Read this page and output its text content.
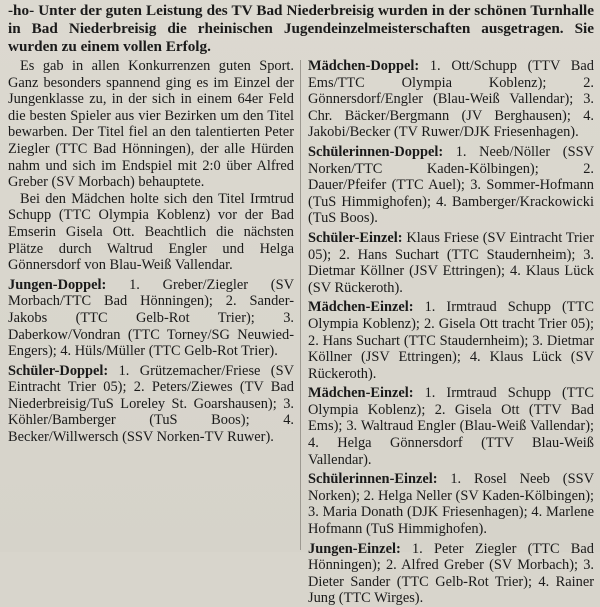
-ho- Unter der guten Leistung des TV Bad Niederbreisig wurden in der schönen Turnhalle in Bad Niederbreisig die rheinischen Jugendeinzelmeisterschaften ausgetragen. Sie wurden zu einem vollen Erfolg.

Es gab in allen Konkurrenzen guten Sport. Ganz besonders spannend ging es im Einzel der Jungenklasse zu, in der sich in einem 64er Feld die besten Spieler aus vier Bezirken um den Titel bewarben. Der Titel fiel an den talentierten Peter Ziegler (TTC Bad Hönningen), der alle Hürden nahm und sich im Endspiel mit 2:0 über Alfred Greber (SV Morbach) behauptete.

Bei den Mädchen holte sich den Titel Irmtrud Schupp (TTC Olympia Koblenz) vor der Bad Emserin Gisela Ott. Beachtlich die nächsten Plätze durch Waltrud Engler und Helga Gönnersdorf von Blau-Weiß Vallendar.

Jungen-Doppel: 1. Greber/Ziegler (SV Morbach/TTC Bad Hönningen); 2. Sander-Jakobs (TTC Gelb-Rot Trier); 3. Daberkow/Vondran (TTC Torney/SG Neuwied-Engers); 4. Hüls/Müller (TTC Gelb-Rot Trier).
Schüler-Doppel: 1. Grützemacher/Friese (SV Eintracht Trier 05); 2. Peters/Ziewes (TV Bad Niederbreisig/TuS Loreley St. Goarshausen); 3. Köhler/Bamberger (TuS Boos); 4. Becker/Willwersch (SSV Norken-TV Ruwer).
Mädchen-Doppel: 1. Ott/Schupp (TTV Bad Ems/TTC Olympia Koblenz); 2. Gönnersdorf/Engler (Blau-Weiß Vallendar); 3. Chr. Bäcker/Bergmann (JV Berghausen); 4. Jakobi/Becker (TV Ruwer/DJK Friesenhagen).
Schülerinnen-Doppel: 1. Neeb/Nöller (SSV Norken/TTC Kaden-Kölbingen); 2. Dauer/Pfeifer (TTC Auel); 3. Sommer-Hofmann (TuS Himmighofen); 4. Bamberger/Krackowicki (TuS Boos).
Schüler-Einzel: Klaus Friese (SV Eintracht Trier 05); 2. Hans Suchart (TTC Staudernheim); 3. Dietmar Köllner (JSV Ettringen); 4. Klaus Lück (SV Rückeroth).
Mädchen-Einzel: 1. Irmtraud Schupp (TTC Olympia Koblenz); 2. Gisela Ott tracht Trier 05); 2. Hans Suchart (TTC Staudernheim); 3. Dietmar Köllner (JSV Ettringen); 4. Klaus Lück (SV Rückeroth).
Mädchen-Einzel: 1. Irmtraud Schupp (TTC Olympia Koblenz); 2. Gisela Ott (TTV Bad Ems); 3. Waltraud Engler (Blau-Weiß Vallendar); 4. Helga Gönnersdorf (TTV Blau-Weiß Vallendar).
Schülerinnen-Einzel: 1. Rosel Neeb (SSV Norken); 2. Helga Neller (SV Kaden-Kölbingen); 3. Maria Donath (DJK Friesenhagen); 4. Marlene Hofmann (TuS Himmighofen).
Jungen-Einzel: 1. Peter Ziegler (TTC Bad Hönningen); 2. Alfred Greber (SV Morbach); 3. Dieter Sander (TTC Gelb-Rot Trier); 4. Rainer Jung (TTC Wirges).
